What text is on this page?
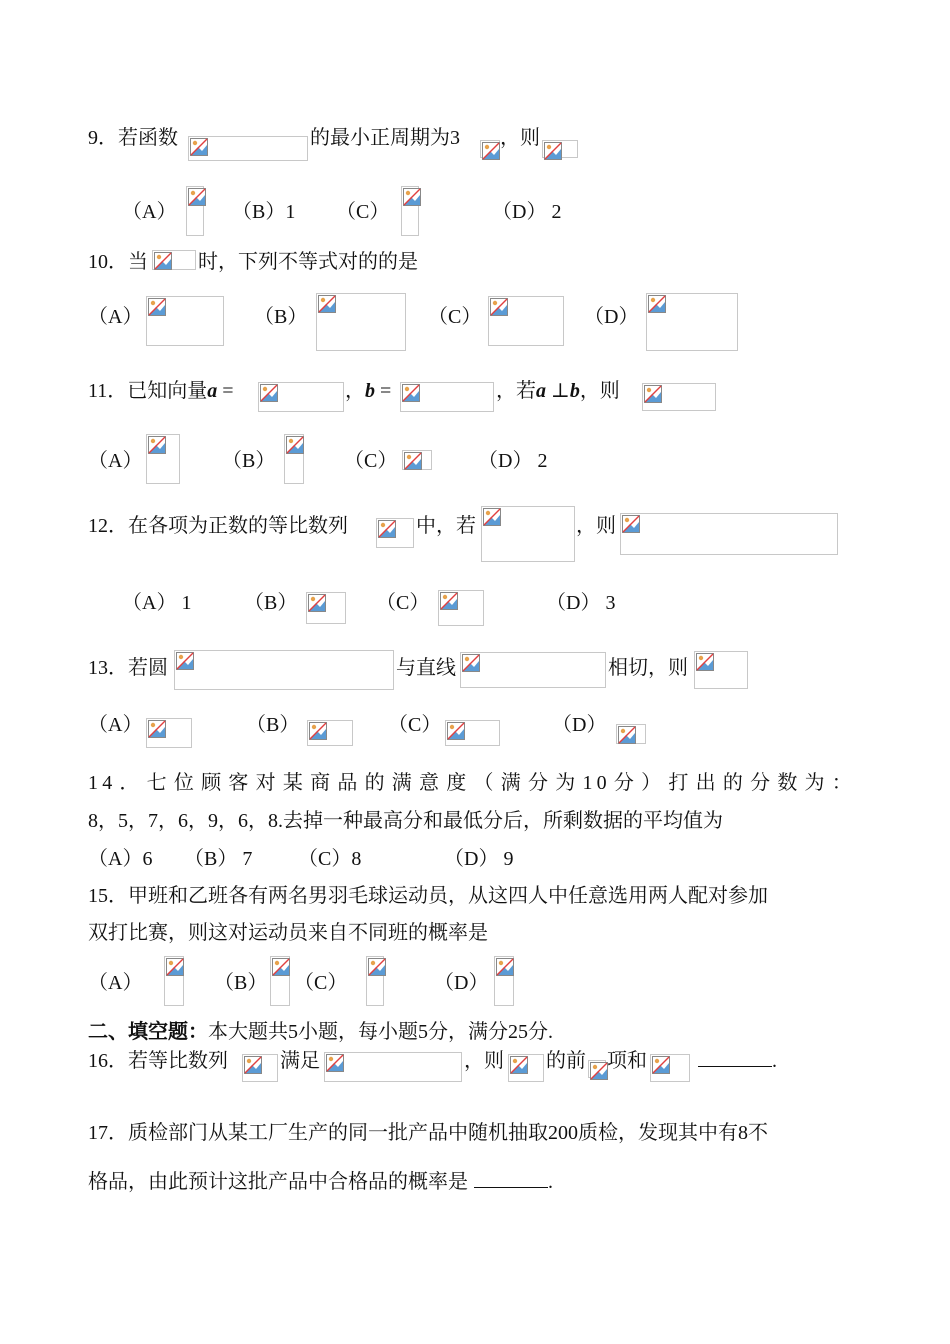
9．若函数	的最小正周期为3 ，则
（A）	（B）1 （C）	（D） 2
10．当	时，下列不等式对的的是
（A）	（B）	（C）	（D）
11．已知向量a =	，b =	，若a ⊥b，则
（A）	（B）	（C）	（D） 2
12．在各项为正数的等比数列	中，若	，则
（A） 1	（B）	（C）	（D） 3
13．若圆	与直线	相切，则
（A）	（B）	（C）	（D）
14．七位顾客对某商品的满意度（满分为10分）打出的分数为：
8，5，7，6，9，6，8.去掉一种最高分和最低分后，所剩数据的平均值为
（A）6 （B） 7 （C）8	（D） 9
15．甲班和乙班各有两名男羽毛球运动员，从这四人中任意选用两人配对参加
双打比赛，则这对运动员来自不同班的概率是
（A）	（B） （C）	（D）
二、填空题：本大题共5小题，每小题5分，满分25分.
16．若等比数列	满足	，则 的前 项和	.
17．质检部门从某工厂生产的同一批产品中随机抽取200质检，发现其中有8不
格品，由此预计这批产品中合格品的概率是	.
